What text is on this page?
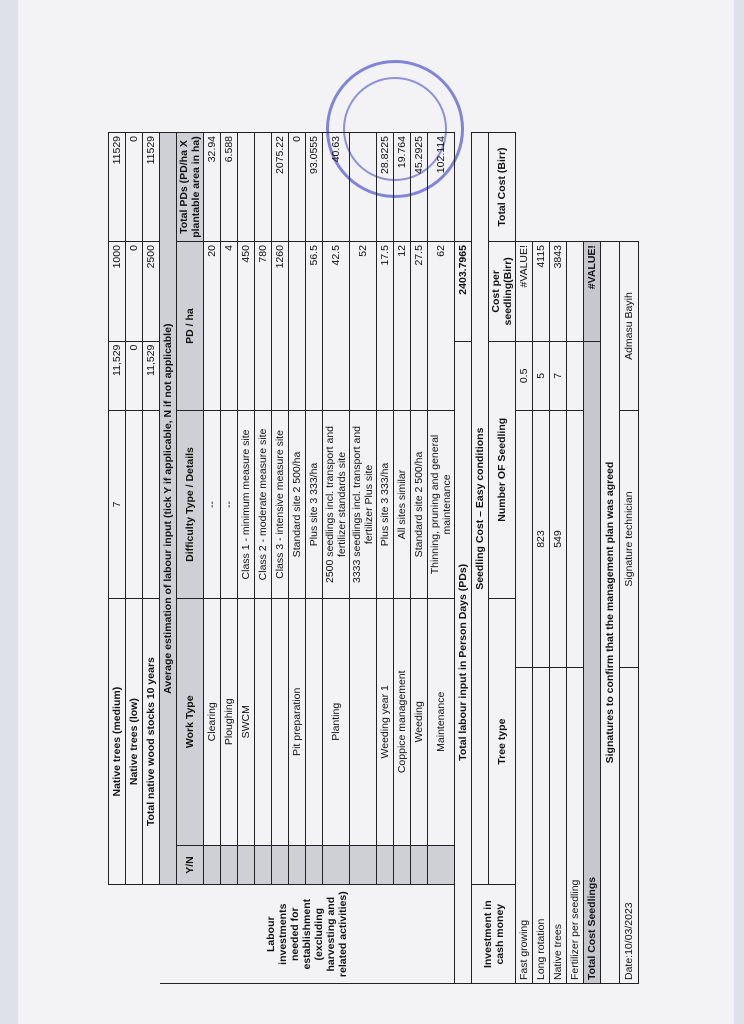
	Native trees (medium)			7	11,529	1000	11529
	Native trees (low)				0	0	0
	Total native wood stocks 10 years				11,529	2500	11529
Labour investments needed for establishment (excluding harvesting and related activities)	Average estimation of labour input (tick Y if applicable, N if not applicable)						
	Y/N	Work Type		Difficulty Type / Details	PD / ha		Total PDs (PD/ha X plantable area in ha)
		Clearing		--	20		32.94
		Ploughing		--	4		6.588
		SWCM		Class 1 - minimum measure site	450		
				Class 2 - moderate measure site	780		
				Class 3 - intensive measure site	1260		2075.22
		Pit preparation		Standard site 2 500/ha			0
				Plus site 3 333/ha	56.5		93.0555
		Planting		2500 seedlings incl. transport and fertilizer standards site	42.5		40.63
				3333 seedlings incl. transport and fertilizer Plus site	52		
		Weeding year 1		Plus site 3 333/ha	17.5		28.8225
		Coppice management		All sites similar	12		19.764
		Weeding		Standard site 2 500/ha	27.5		45.2925
		Maintenance		Thinning, pruning and general maintenance	62		102.114
Total labour input in Person Days (PDs)						2403.7965	
Investment in cash money	Seedling Cost – Easy conditions						
	Tree type			Number OF Seedling		Cost per seedling(Birr)	Total Cost (Birr)
Fast growing					0.5	#VALUE!	
Long rotation			823		5	4115	
Native trees			549		7	3843	
Fertilizer per seedling							
Total Cost Seedlings						#VALUE!	
Signatures to confirm that the management plan was agreed							
Date:10/03/2023			Signature technician		Admasu Bayih		
